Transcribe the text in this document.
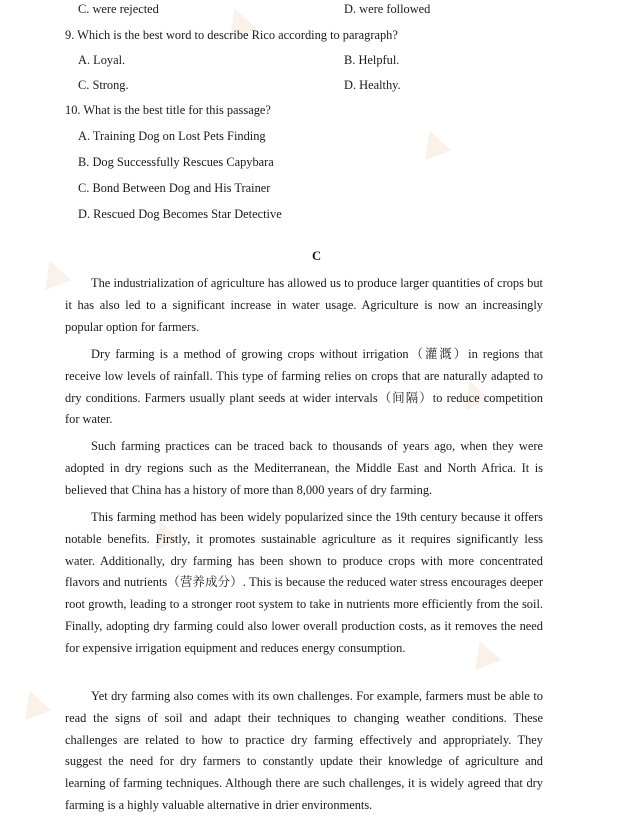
C. were rejected	D. were followed
9. Which is the best word to describe Rico according to paragraph?
A. Loyal.	B. Helpful.
C. Strong.	D. Healthy.
10. What is the best title for this passage?
A. Training Dog on Lost Pets Finding
B. Dog Successfully Rescues Capybara
C. Bond Between Dog and His Trainer
D. Rescued Dog Becomes Star Detective
C

The industrialization of agriculture has allowed us to produce larger quantities of crops but it has also led to a significant increase in water usage. Agriculture is now an increasingly popular option for farmers.

Dry farming is a method of growing crops without irrigation（灌溉）in regions that receive low levels of rainfall. This type of farming relies on crops that are naturally adapted to dry conditions. Farmers usually plant seeds at wider intervals（间隔）to reduce competition for water.

Such farming practices can be traced back to thousands of years ago, when they were adopted in dry regions such as the Mediterranean, the Middle East and North Africa. It is believed that China has a history of more than 8,000 years of dry farming.

This farming method has been widely popularized since the 19th century because it offers notable benefits. Firstly, it promotes sustainable agriculture as it requires significantly less water. Additionally, dry farming has been shown to produce crops with more concentrated flavors and nutrients（营养成分）. This is because the reduced water stress encourages deeper root growth, leading to a stronger root system to take in nutrients more efficiently from the soil. Finally, adopting dry farming could also lower overall production costs, as it removes the need for expensive irrigation equipment and reduces energy consumption.

Yet dry farming also comes with its own challenges. For example, farmers must be able to read the signs of soil and adapt their techniques to changing weather conditions. These challenges are related to how to practice dry farming effectively and appropriately. They suggest the need for dry farmers to constantly update their knowledge of agriculture and learning of farming techniques. Although there are such challenges, it is widely agreed that dry farming is a highly valuable alternative in drier environments.
